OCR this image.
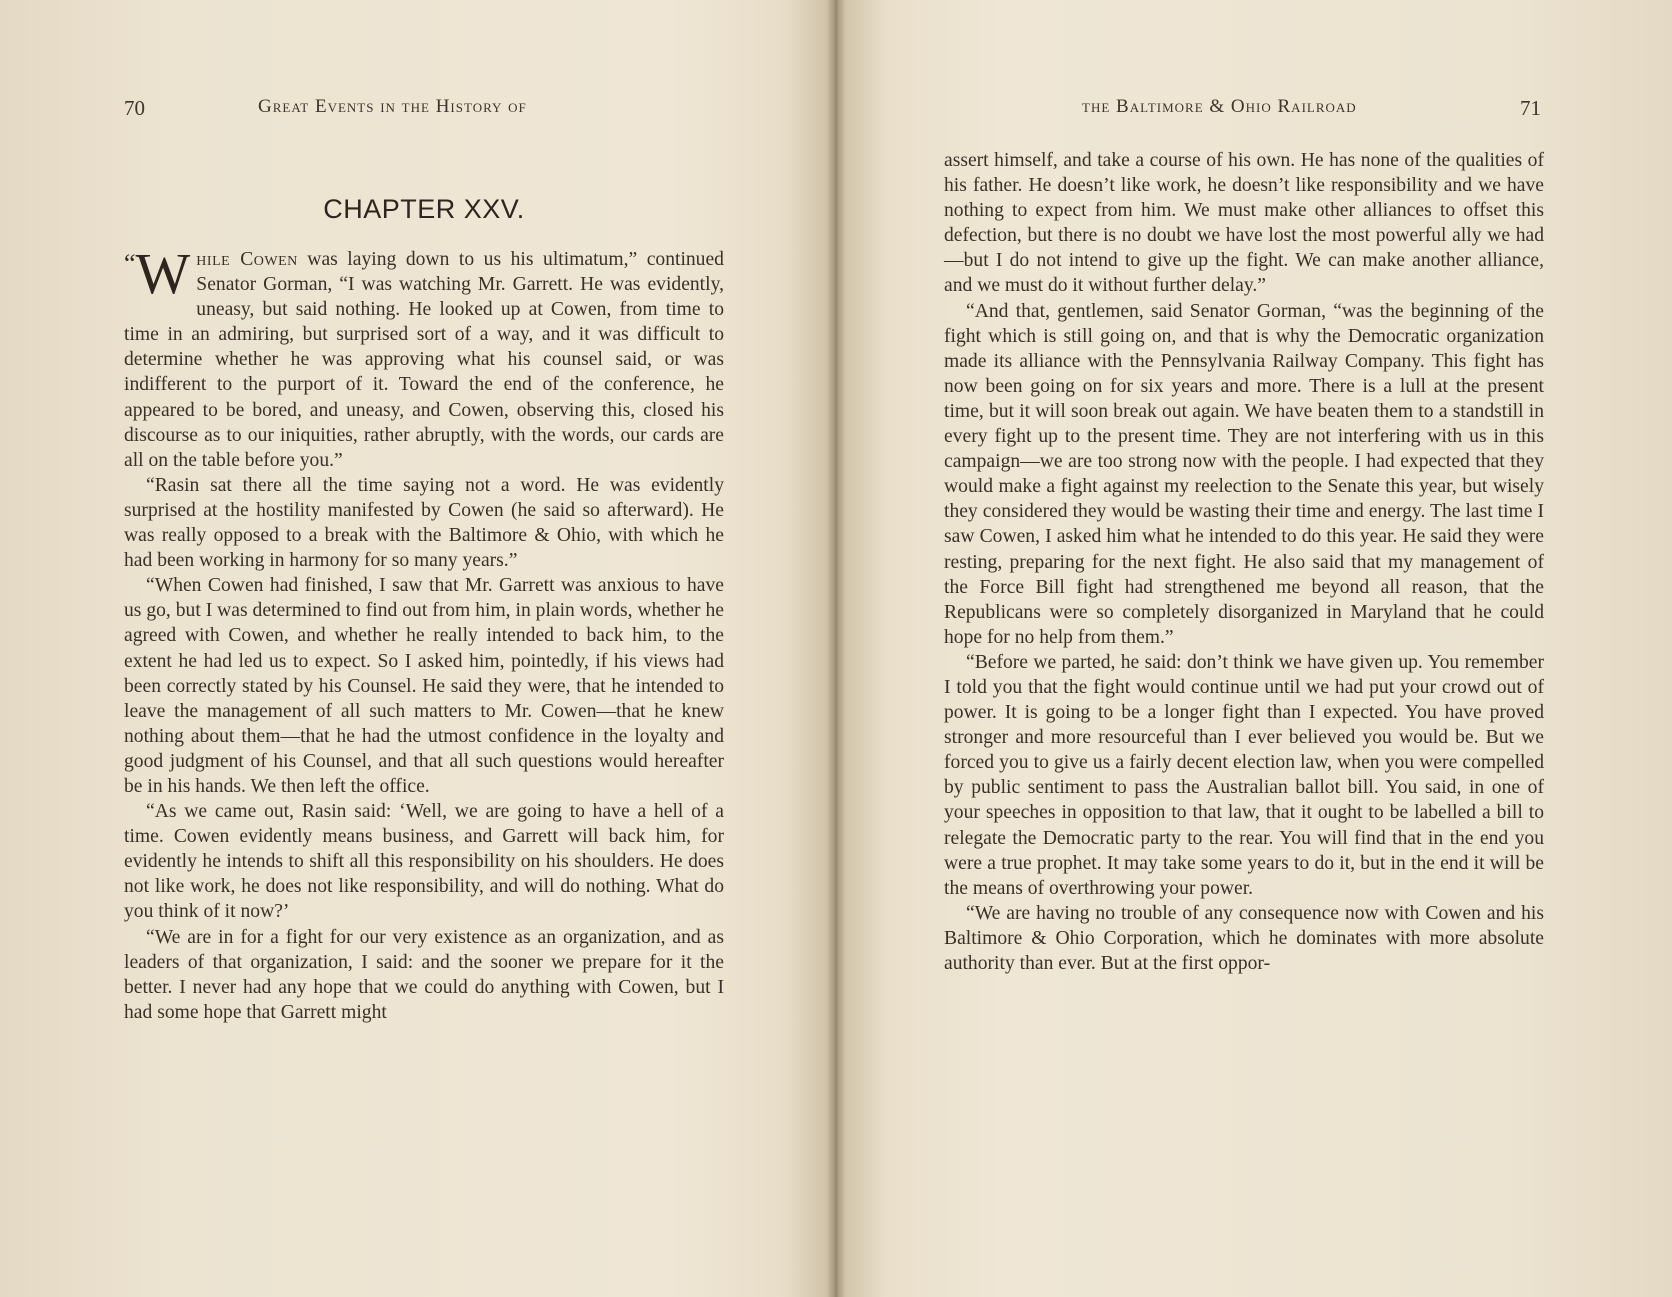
70	Great Events in the History of
CHAPTER XXV.

“ W hile Cowen was laying down to us his ultimatum,” continued Senator Gorman, “I was watching Mr. Garrett. He was evidently, uneasy, but said nothing. He looked up at Cowen, from time to time in an admiring, but surprised sort of a way, and it was difficult to determine whether he was approving what his counsel said, or was indifferent to the purport of it. Toward the end of the conference, he appeared to be bored, and uneasy, and Cowen, observing this, closed his discourse as to our iniquities, rather abruptly, with the words, our cards are all on the table before you.”

“Rasin sat there all the time saying not a word. He was evidently surprised at the hostility manifested by Cowen (he said so afterward). He was really opposed to a break with the Baltimore & Ohio, with which he had been working in harmony for so many years.”

“When Cowen had finished, I saw that Mr. Garrett was anxious to have us go, but I was determined to find out from him, in plain words, whether he agreed with Cowen, and whether he really intended to back him, to the extent he had led us to expect. So I asked him, pointedly, if his views had been correctly stated by his Counsel. He said they were, that he intended to leave the management of all such matters to Mr. Cowen—that he knew nothing about them—that he had the utmost confidence in the loyalty and good judgment of his Counsel, and that all such questions would hereafter be in his hands. We then left the office.

“As we came out, Rasin said: ‘Well, we are going to have a hell of a time. Cowen evidently means business, and Garrett will back him, for evidently he intends to shift all this responsibility on his shoulders. He does not like work, he does not like responsibility, and will do nothing. What do you think of it now?’

“We are in for a fight for our very existence as an organization, and as leaders of that organization, I said: and the sooner we prepare for it the better. I never had any hope that we could do anything with Cowen, but I had some hope that Garrett might

the Baltimore & Ohio Railroad	71

assert himself, and take a course of his own. He has none of the qualities of his father. He doesn’t like work, he doesn’t like responsibility and we have nothing to expect from him. We must make other alliances to offset this defection, but there is no doubt we have lost the most powerful ally we had—but I do not intend to give up the fight. We can make another alliance, and we must do it without further delay.”

“And that, gentlemen, said Senator Gorman, “was the beginning of the fight which is still going on, and that is why the Democratic organization made its alliance with the Pennsylvania Railway Company. This fight has now been going on for six years and more. There is a lull at the present time, but it will soon break out again. We have beaten them to a standstill in every fight up to the present time. They are not interfering with us in this campaign—we are too strong now with the people. I had expected that they would make a fight against my reelection to the Senate this year, but wisely they considered they would be wasting their time and energy. The last time I saw Cowen, I asked him what he intended to do this year. He said they were resting, preparing for the next fight. He also said that my management of the Force Bill fight had strengthened me beyond all reason, that the Republicans were so completely disorganized in Maryland that he could hope for no help from them.”

“Before we parted, he said: don’t think we have given up. You remember I told you that the fight would continue until we had put your crowd out of power. It is going to be a longer fight than I expected. You have proved stronger and more resourceful than I ever believed you would be. But we forced you to give us a fairly decent election law, when you were compelled by public sentiment to pass the Australian ballot bill. You said, in one of your speeches in opposition to that law, that it ought to be labelled a bill to relegate the Democratic party to the rear. You will find that in the end you were a true prophet. It may take some years to do it, but in the end it will be the means of overthrowing your power.

“We are having no trouble of any consequence now with Cowen and his Baltimore & Ohio Corporation, which he dominates with more absolute authority than ever. But at the first oppor-
